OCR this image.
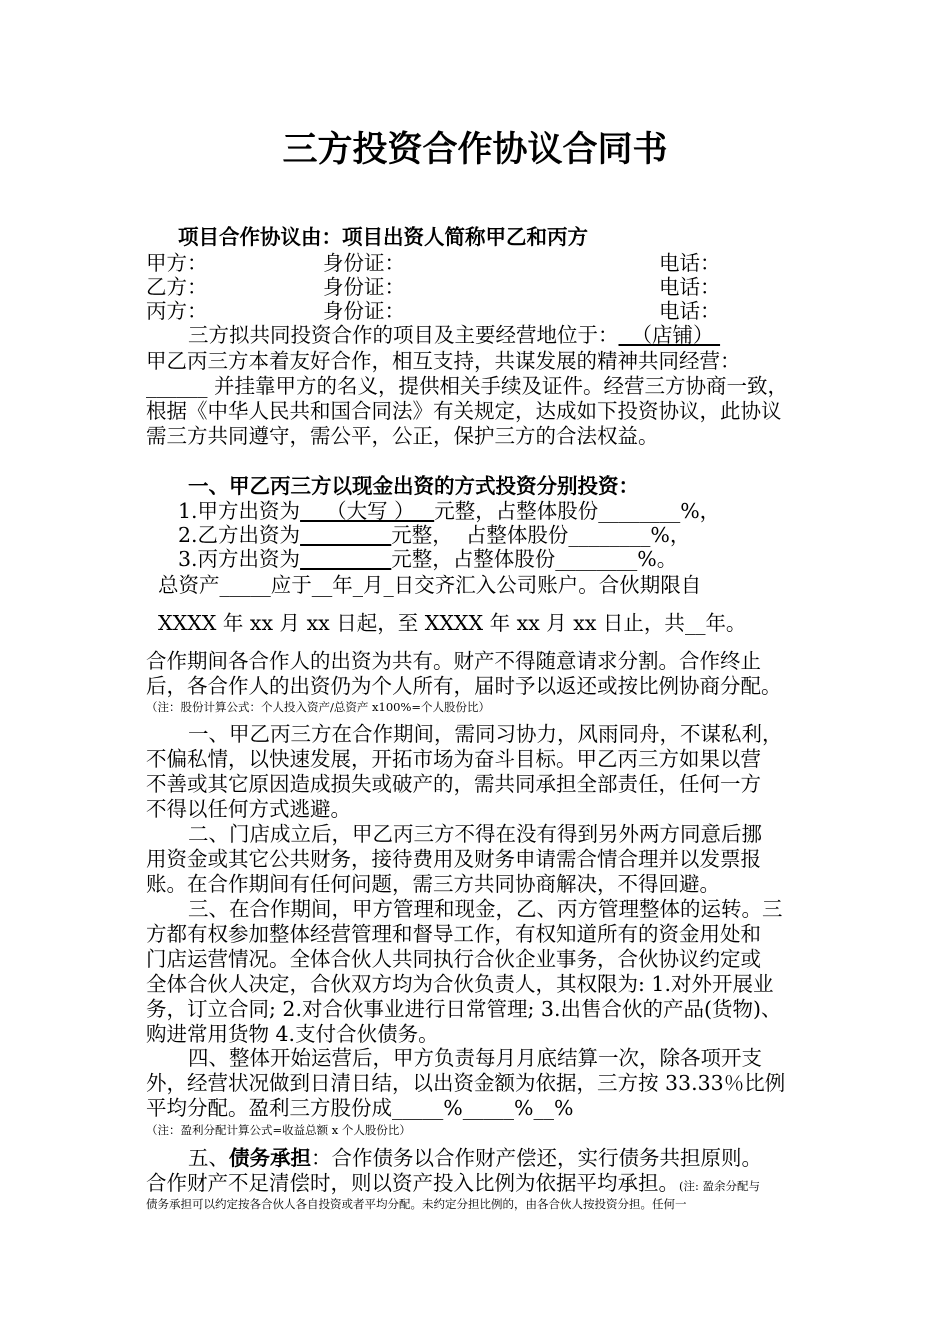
三方投资合作协议合同书
项目合作协议由：项目出资人简称甲乙和丙方
甲方：	身份证：	电话：
乙方：	身份证：	电话：
丙方：	身份证：	电话：
三方拟共同投资合作的项目及主要经营地位于：  （店铺）
甲乙丙三方本着友好合作，相互支持，共谋发展的精神共同经营：
______ 并挂靠甲方的名义，提供相关手续及证件。经营三方协商一致，
根据《中华人民共和国合同法》有关规定，达成如下投资协议，此协议
需三方共同遵守，需公平，公正，保护三方的合法权益。
一、甲乙丙三方以现金出资的方式投资分别投资：
1.甲方出资为    （大写 ）   元整，占整体股份________%，
2.乙方出资为	元整，  占整体股份________%，
3.丙方出资为	元整，占整体股份________%。
总资产_____应于__年_月_日交齐汇入公司账户。合伙期限自
XXXX 年 xx 月 xx 日起，至 XXXX 年 xx 月 xx 日止，共__年。
合作期间各合作人的出资为共有。财产不得随意请求分割。合作终止
后，各合作人的出资仍为个人所有，届时予以返还或按比例协商分配。
（注：股份计算公式：个人投入资产/总资产 x100%=个人股份比）
一、甲乙丙三方在合作期间，需同习协力，风雨同舟，不谋私利，
不偏私情，以快速发展，开拓市场为奋斗目标。甲乙丙三方如果以营
不善或其它原因造成损失或破产的，需共同承担全部责任，任何一方
不得以任何方式逃避。
二、门店成立后，甲乙丙三方不得在没有得到另外两方同意后挪
用资金或其它公共财务，接待费用及财务申请需合情合理并以发票报
账。在合作期间有任何问题，需三方共同协商解决，不得回避。
三、在合作期间，甲方管理和现金，乙、丙方管理整体的运转。三
方都有权参加整体经营管理和督导工作，有权知道所有的资金用处和
门店运营情况。全体合伙人共同执行合伙企业事务，合伙协议约定或
全体合伙人决定，合伙双方均为合伙负责人，其权限为: 1.对外开展业
务，订立合同; 2.对合伙事业进行日常管理; 3.出售合伙的产品(货物)、
购进常用货物 4.支付合伙债务。
四、整体开始运营后，甲方负责每月月底结算一次，除各项开支
外，经营状况做到日清日结，以出资金额为依据，三方按 33.33％比例
平均分配。盈利三方股份成_____%_____%__%
（注：盈利分配计算公式=收益总额 x 个人股份比）
五、债务承担：合作债务以合作财产偿还，实行债务共担原则。
合作财产不足清偿时，则以资产投入比例为依据平均承担。(注: 盈余分配与
债务承担可以约定按各合伙人各自投资或者平均分配。未约定分担比例的，由各合伙人按投资分担。任何一
